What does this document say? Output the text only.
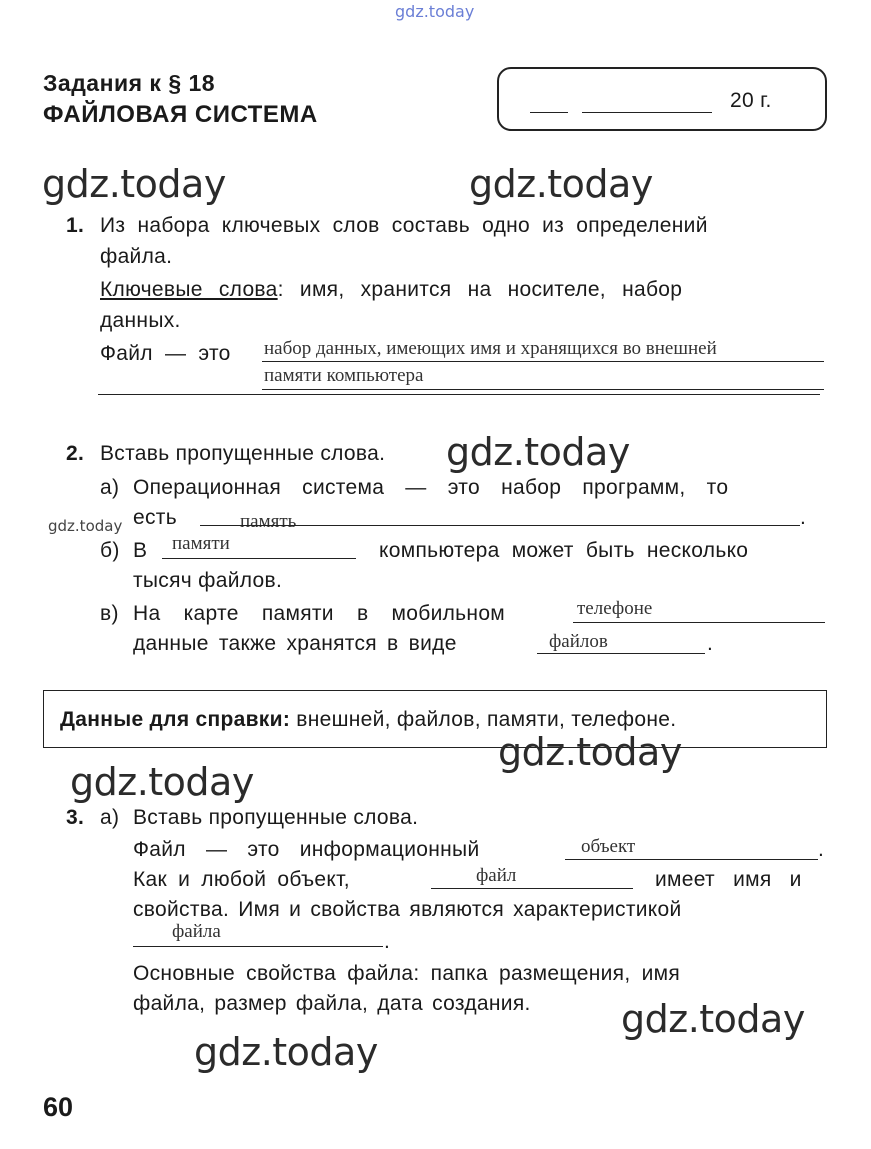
gdz.today
Задания к § 18
ФАЙЛОВАЯ СИСТЕМА
20 г.
1. Из набора ключевых слов составь одно из определений
файла.
Ключевые слова: имя, хранится на носителе, набор
данных.
Файл — это набор данных, имеющих имя и хранящихся во внешней
памяти компьютера
2. Вставь пропущенные слова.
а) Операционная система — это набор программ, то
есть	память	.
б) В памяти	компьютера может быть несколько
тысяч файлов.
в) На карте памяти в мобильном	телефоне
данные также хранятся в виде	файлов	.
Данные для справки: внешней, файлов, памяти, телефоне.
3. а) Вставь пропущенные слова.
Файл — это информационный	объект	.
Как и любой объект,	файл	имеет имя и
свойства. Имя и свойства являются характеристикой
файла	.
Основные свойства файла: папка размещения, имя
файла, размер файла, дата создания.
60
gdz.today	gdz.today
gdz.today
gdz.today
gdz.today
gdz.today
gdz.today
gdz.today
